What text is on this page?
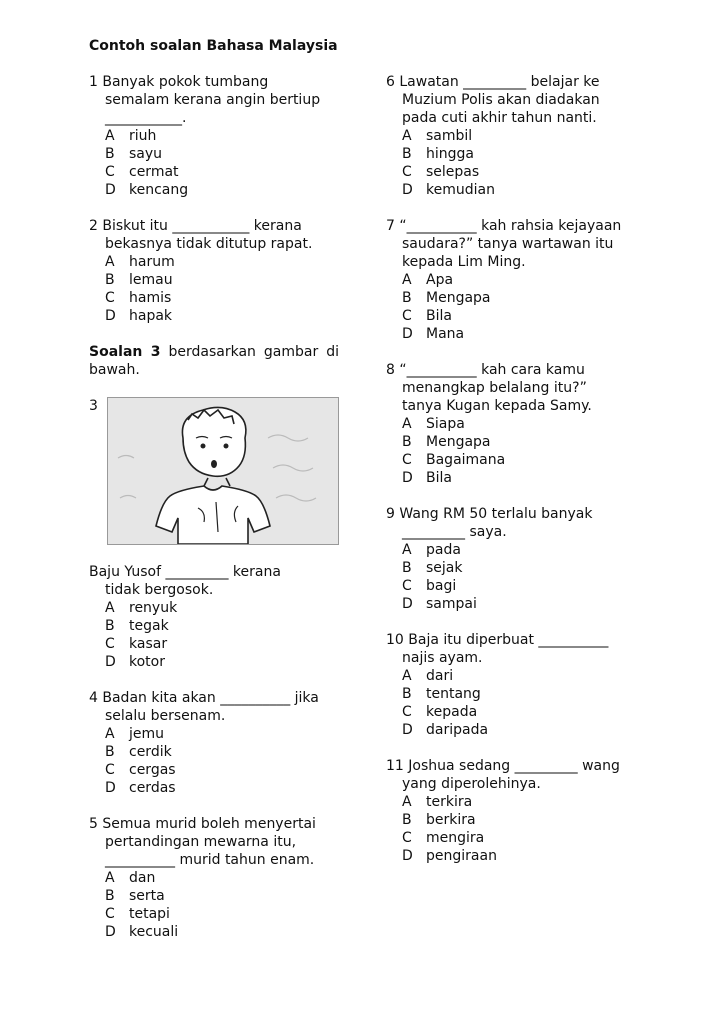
Contoh soalan Bahasa Malaysia
1 Banyak pokok tumbang
semalam kerana angin bertiup
___________.
A riuh
B sayu
C cermat
D kencang
2 Biskut itu ___________ kerana
bekasnya tidak ditutup rapat.
A harum
B lemau
C hamis
D hapak
Soalan 3 berdasarkan gambar di bawah.
3
Baju Yusof _________ kerana
tidak bergosok.
A renyuk
B tegak
C kasar
D kotor
4 Badan kita akan __________ jika
selalu bersenam.
A jemu
B cerdik
C cergas
D cerdas
5 Semua murid boleh menyertai
pertandingan mewarna itu,
__________ murid tahun enam.
A dan
B serta
C tetapi
D kecuali
6 Lawatan _________ belajar ke
Muzium Polis akan diadakan
pada cuti akhir tahun nanti.
A sambil
B hingga
C selepas
D kemudian
7 “__________ kah rahsia kejayaan
saudara?” tanya wartawan itu
kepada Lim Ming.
A Apa
B Mengapa
C Bila
D Mana
8 “__________ kah cara kamu
menangkap belalang itu?”
tanya Kugan kepada Samy.
A Siapa
B Mengapa
C Bagaimana
D Bila
9 Wang RM 50 terlalu banyak
_________ saya.
A pada
B sejak
C bagi
D sampai
10 Baja itu diperbuat __________
najis ayam.
A dari
B tentang
C kepada
D daripada
11 Joshua sedang _________ wang
yang diperolehinya.
A terkira
B berkira
C mengira
D pengiraan
